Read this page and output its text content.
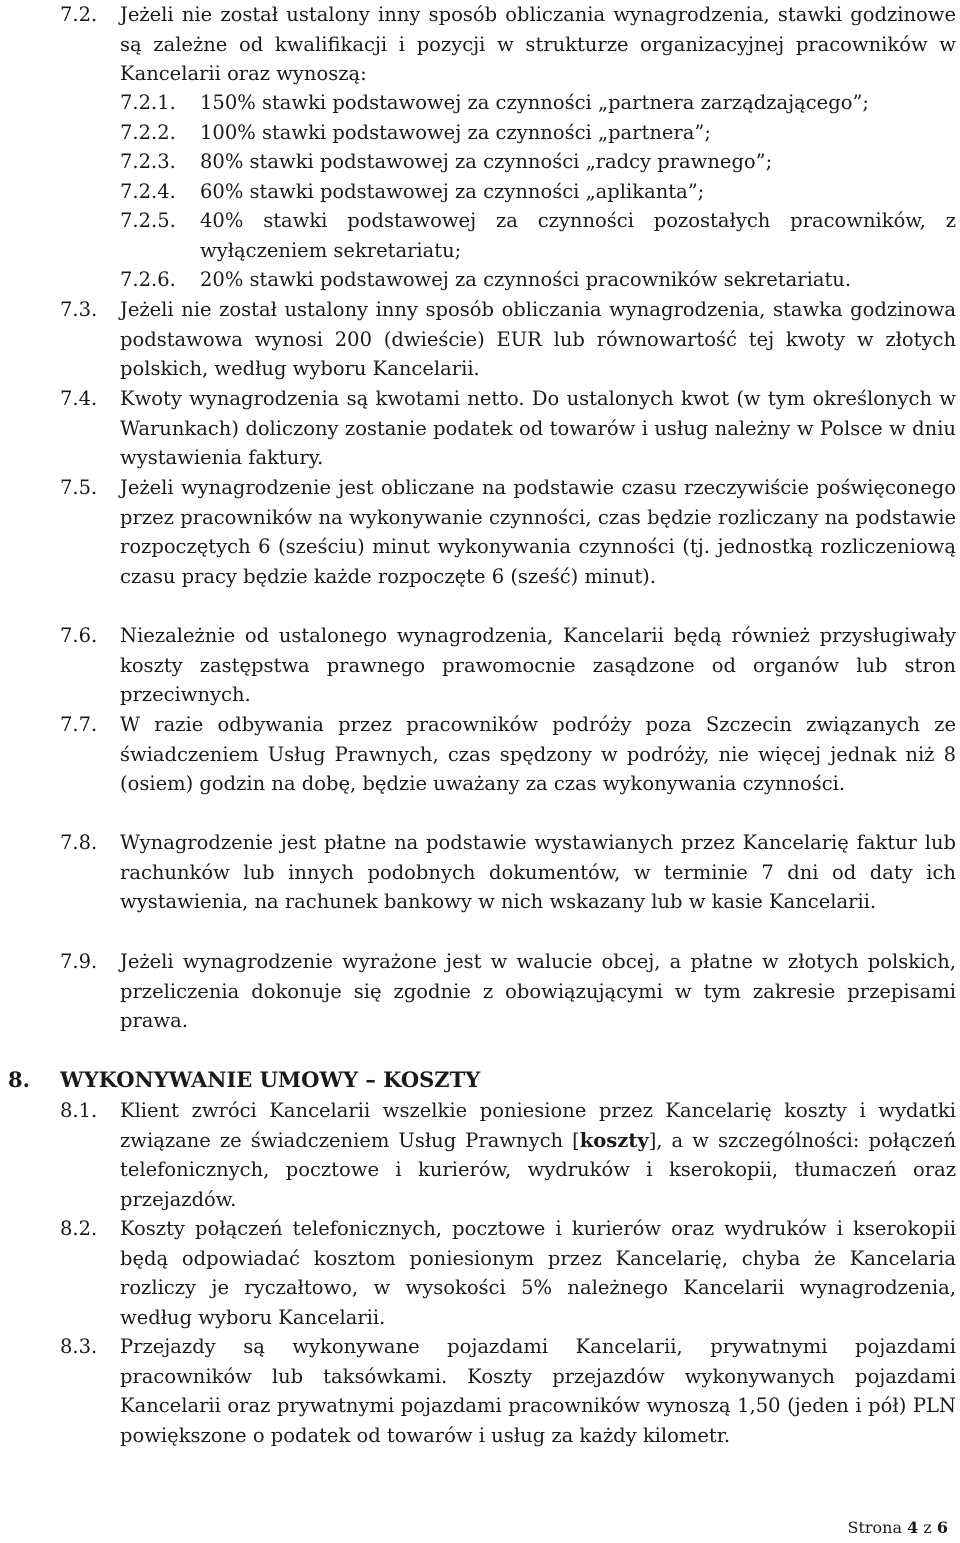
7.2.	Jeżeli nie został ustalony inny sposób obliczania wynagrodzenia, stawki godzinowe są zależne od kwalifikacji i pozycji w strukturze organizacyjnej pracowników w Kancelarii oraz wynoszą:
7.2.1.	150% stawki podstawowej za czynności „partnera zarządzającego”;
7.2.2.	100% stawki podstawowej za czynności „partnera”;
7.2.3.	80% stawki podstawowej za czynności „radcy prawnego”;
7.2.4.	60% stawki podstawowej za czynności „aplikanta”;
7.2.5.	40% stawki podstawowej za czynności pozostałych pracowników, z wyłączeniem sekretariatu;
7.2.6.	20% stawki podstawowej za czynności pracowników sekretariatu.
7.3.	Jeżeli nie został ustalony inny sposób obliczania wynagrodzenia, stawka godzinowa podstawowa wynosi 200 (dwieście) EUR lub równowartość tej kwoty w złotych polskich, według wyboru Kancelarii.
7.4.	Kwoty wynagrodzenia są kwotami netto. Do ustalonych kwot (w tym określonych w Warunkach) doliczony zostanie podatek od towarów i usług należny w Polsce w dniu wystawienia faktury.
7.5.	Jeżeli wynagrodzenie jest obliczane na podstawie czasu rzeczywiście poświęconego przez pracowników na wykonywanie czynności, czas będzie rozliczany na podstawie rozpoczętych 6 (sześciu) minut wykonywania czynności (tj. jednostką rozliczeniową czasu pracy będzie każde rozpoczęte 6 (sześć) minut).
7.6.	Niezależnie od ustalonego wynagrodzenia, Kancelarii będą również przysługiwały koszty zastępstwa prawnego prawomocnie zasądzone od organów lub stron przeciwnych.
7.7.	W razie odbywania przez pracowników podróży poza Szczecin związanych ze świadczeniem Usług Prawnych, czas spędzony w podróży, nie więcej jednak niż 8 (osiem) godzin na dobę, będzie uważany za czas wykonywania czynności.
7.8.	Wynagrodzenie jest płatne na podstawie wystawianych przez Kancelarię faktur lub rachunków lub innych podobnych dokumentów, w terminie 7 dni od daty ich wystawienia, na rachunek bankowy w nich wskazany lub w kasie Kancelarii.
7.9.	Jeżeli wynagrodzenie wyrażone jest w walucie obcej, a płatne w złotych polskich, przeliczenia dokonuje się zgodnie z obowiązującymi w tym zakresie przepisami prawa.
8.	WYKONYWANIE UMOWY – KOSZTY
8.1.	Klient zwróci Kancelarii wszelkie poniesione przez Kancelarię koszty i wydatki związane ze świadczeniem Usług Prawnych [koszty], a w szczególności: połączeń telefonicznych, pocztowe i kurierów, wydruków i kserokopii, tłumaczeń oraz przejazdów.
8.2.	Koszty połączeń telefonicznych, pocztowe i kurierów oraz wydruków i kserokopii będą odpowiadać kosztom poniesionym przez Kancelarię, chyba że Kancelaria rozliczy je ryczałtowo, w wysokości 5% należnego Kancelarii wynagrodzenia, według wyboru Kancelarii.
8.3.	Przejazdy są wykonywane pojazdami Kancelarii, prywatnymi pojazdami pracowników lub taksówkami. Koszty przejazdów wykonywanych pojazdami Kancelarii oraz prywatnymi pojazdami pracowników wynoszą 1,50 (jeden i pół) PLN powiększone o podatek od towarów i usług za każdy kilometr.
Strona 4 z 6
